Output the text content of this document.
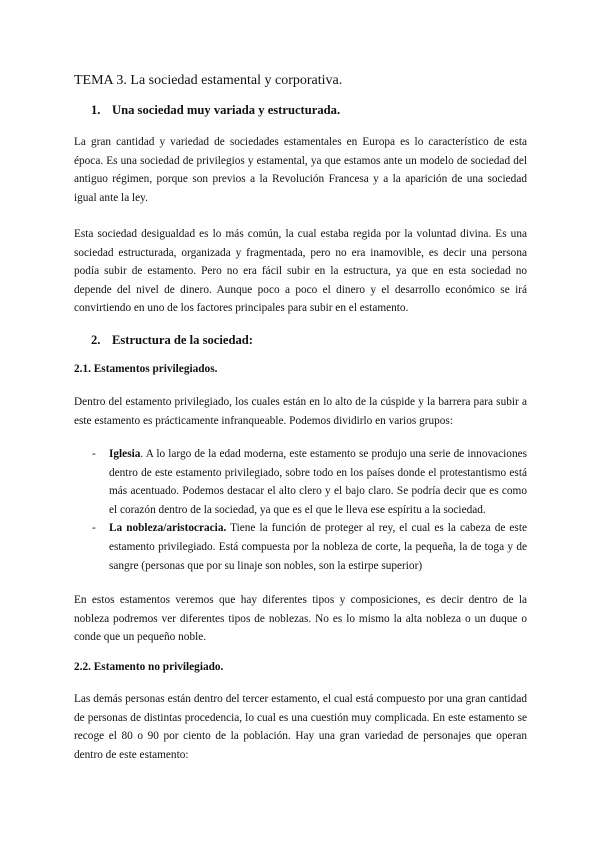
TEMA 3. La sociedad estamental y corporativa.
1. Una sociedad muy variada y estructurada.

La gran cantidad y variedad de sociedades estamentales en Europa es lo característico de esta época. Es una sociedad de privilegios y estamental, ya que estamos ante un modelo de sociedad del antiguo régimen, porque son previos a la Revolución Francesa y a la aparición de una sociedad igual ante la ley.

Esta sociedad desigualdad es lo más común, la cual estaba regida por la voluntad divina. Es una sociedad estructurada, organizada y fragmentada, pero no era inamovible, es decir una persona podía subir de estamento. Pero no era fácil subir en la estructura, ya que en esta sociedad no depende del nivel de dinero. Aunque poco a poco el dinero y el desarrollo económico se irá convirtiendo en uno de los factores principales para subir en el estamento.

2. Estructura de la sociedad:
2.1. Estamentos privilegiados.

Dentro del estamento privilegiado, los cuales están en lo alto de la cúspide y la barrera para subir a este estamento es prácticamente infranqueable. Podemos dividirlo en varios grupos:

- Iglesia. A lo largo de la edad moderna, este estamento se produjo una serie de innovaciones dentro de este estamento privilegiado, sobre todo en los países donde el protestantismo está más acentuado. Podemos destacar el alto clero y el bajo claro. Se podría decir que es como el corazón dentro de la sociedad, ya que es el que le lleva ese espíritu a la sociedad.
- La nobleza/aristocracia. Tiene la función de proteger al rey, el cual es la cabeza de este estamento privilegiado. Está compuesta por la nobleza de corte, la pequeña, la de toga y de sangre (personas que por su linaje son nobles, son la estirpe superior)

En estos estamentos veremos que hay diferentes tipos y composiciones, es decir dentro de la nobleza podremos ver diferentes tipos de noblezas. No es lo mismo la alta nobleza o un duque o conde que un pequeño noble.

2.2. Estamento no privilegiado.

Las demás personas están dentro del tercer estamento, el cual está compuesto por una gran cantidad de personas de distintas procedencia, lo cual es una cuestión muy complicada. En este estamento se recoge el 80 o 90 por ciento de la población. Hay una gran variedad de personajes que operan dentro de este estamento:
